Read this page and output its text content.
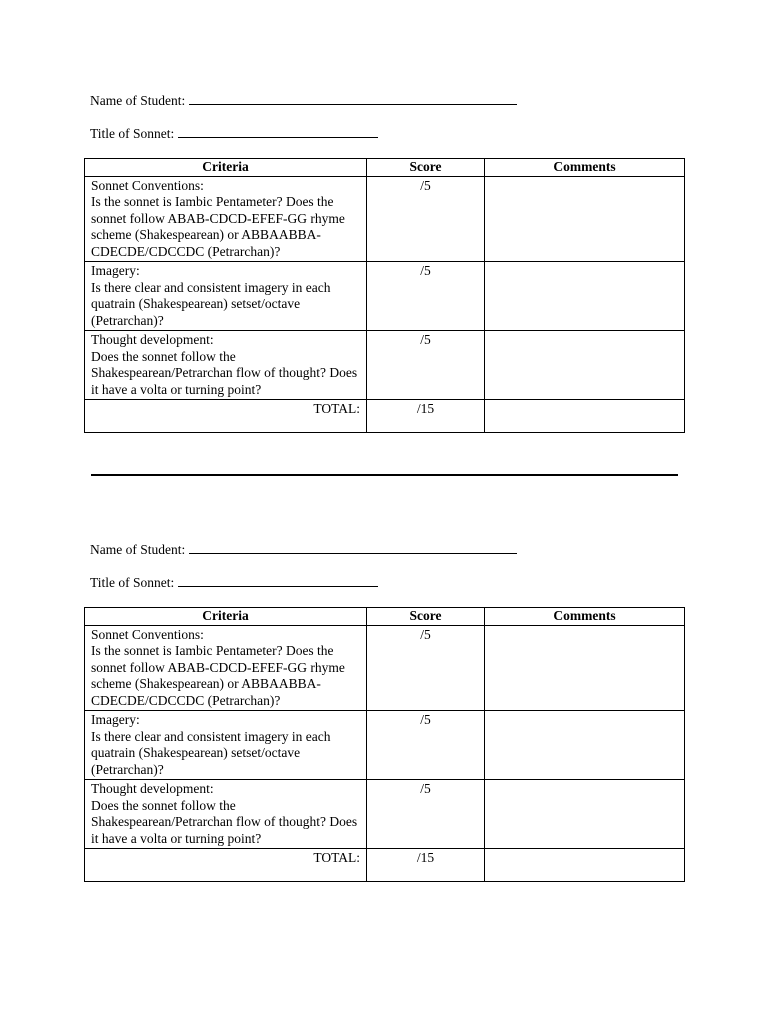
Name of Student:
Title of Sonnet:
Criteria	Score	Comments

Sonnet Conventions:
Is the sonnet is Iambic Pentameter? Does the sonnet follow ABAB-CDCD-EFEF-GG rhyme scheme (Shakespearean) or ABBAABBA-CDECDE/CDCCDC (Petrarchan)?	/5	

Imagery:
Is there clear and consistent imagery in each quatrain (Shakespearean) setset/octave (Petrarchan)?	/5	

Thought development:
Does the sonnet follow the Shakespearean/Petrarchan flow of thought? Does it have a volta or turning point?	/5	
TOTAL:	/15	
Name of Student:
Title of Sonnet:
Criteria	Score	Comments

Sonnet Conventions:
Is the sonnet is Iambic Pentameter? Does the sonnet follow ABAB-CDCD-EFEF-GG rhyme scheme (Shakespearean) or ABBAABBA-CDECDE/CDCCDC (Petrarchan)?	/5	

Imagery:
Is there clear and consistent imagery in each quatrain (Shakespearean) setset/octave (Petrarchan)?	/5	

Thought development:
Does the sonnet follow the Shakespearean/Petrarchan flow of thought? Does it have a volta or turning point?	/5	
TOTAL:	/15	
